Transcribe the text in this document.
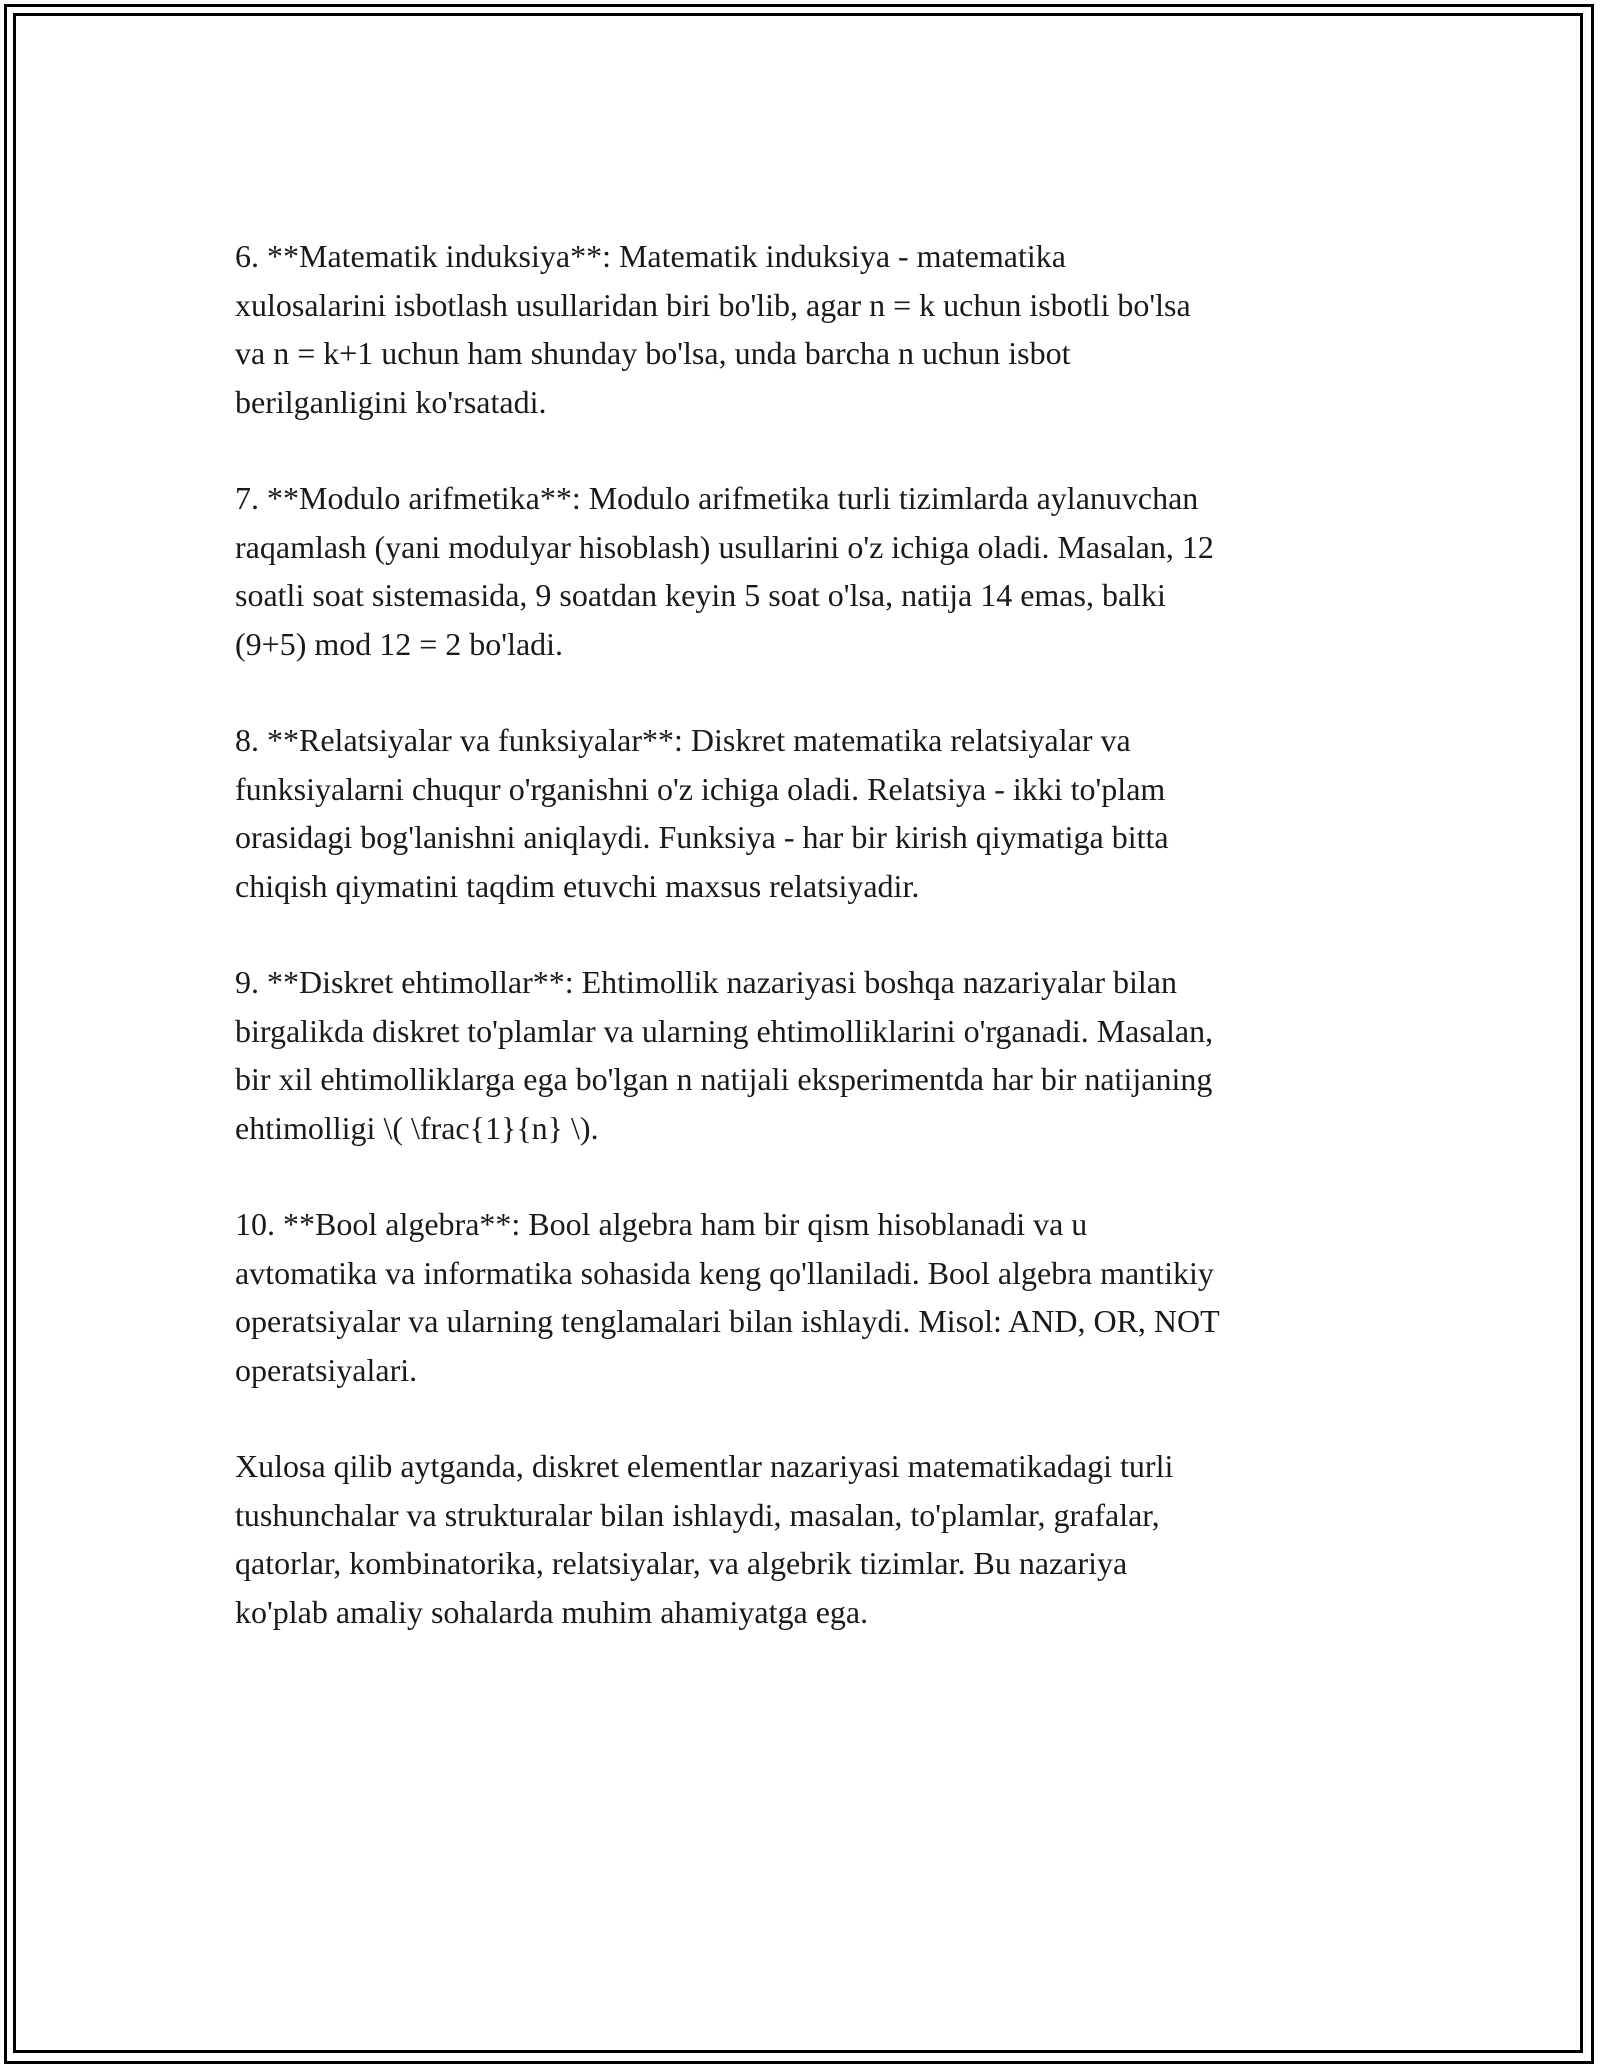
6. **Matematik induksiya**: Matematik induksiya - matematika
xulosalarini isbotlash usullaridan biri bo'lib, agar n = k uchun isbotli bo'lsa
va n = k+1 uchun ham shunday bo'lsa, unda barcha n uchun isbot
berilganligini ko'rsatadi.

7. **Modulo arifmetika**: Modulo arifmetika turli tizimlarda aylanuvchan
raqamlash (yani modulyar hisoblash) usullarini o'z ichiga oladi. Masalan, 12
soatli soat sistemasida, 9 soatdan keyin 5 soat o'lsa, natija 14 emas, balki
(9+5) mod 12 = 2 bo'ladi.

8. **Relatsiyalar va funksiyalar**: Diskret matematika relatsiyalar va
funksiyalarni chuqur o'rganishni o'z ichiga oladi. Relatsiya - ikki to'plam
orasidagi bog'lanishni aniqlaydi. Funksiya - har bir kirish qiymatiga bitta
chiqish qiymatini taqdim etuvchi maxsus relatsiyadir.

9. **Diskret ehtimollar**: Ehtimollik nazariyasi boshqa nazariyalar bilan
birgalikda diskret to'plamlar va ularning ehtimolliklarini o'rganadi. Masalan,
bir xil ehtimolliklarga ega bo'lgan n natijali eksperimentda har bir natijaning
ehtimolligi \( \frac{1}{n} \).

10. **Bool algebra**: Bool algebra ham bir qism hisoblanadi va u
avtomatika va informatika sohasida keng qo'llaniladi. Bool algebra mantikiy
operatsiyalar va ularning tenglamalari bilan ishlaydi. Misol: AND, OR, NOT
operatsiyalari.

Xulosa qilib aytganda, diskret elementlar nazariyasi matematikadagi turli
tushunchalar va strukturalar bilan ishlaydi, masalan, to'plamlar, grafalar,
qatorlar, kombinatorika, relatsiyalar, va algebrik tizimlar. Bu nazariya
ko'plab amaliy sohalarda muhim ahamiyatga ega.
